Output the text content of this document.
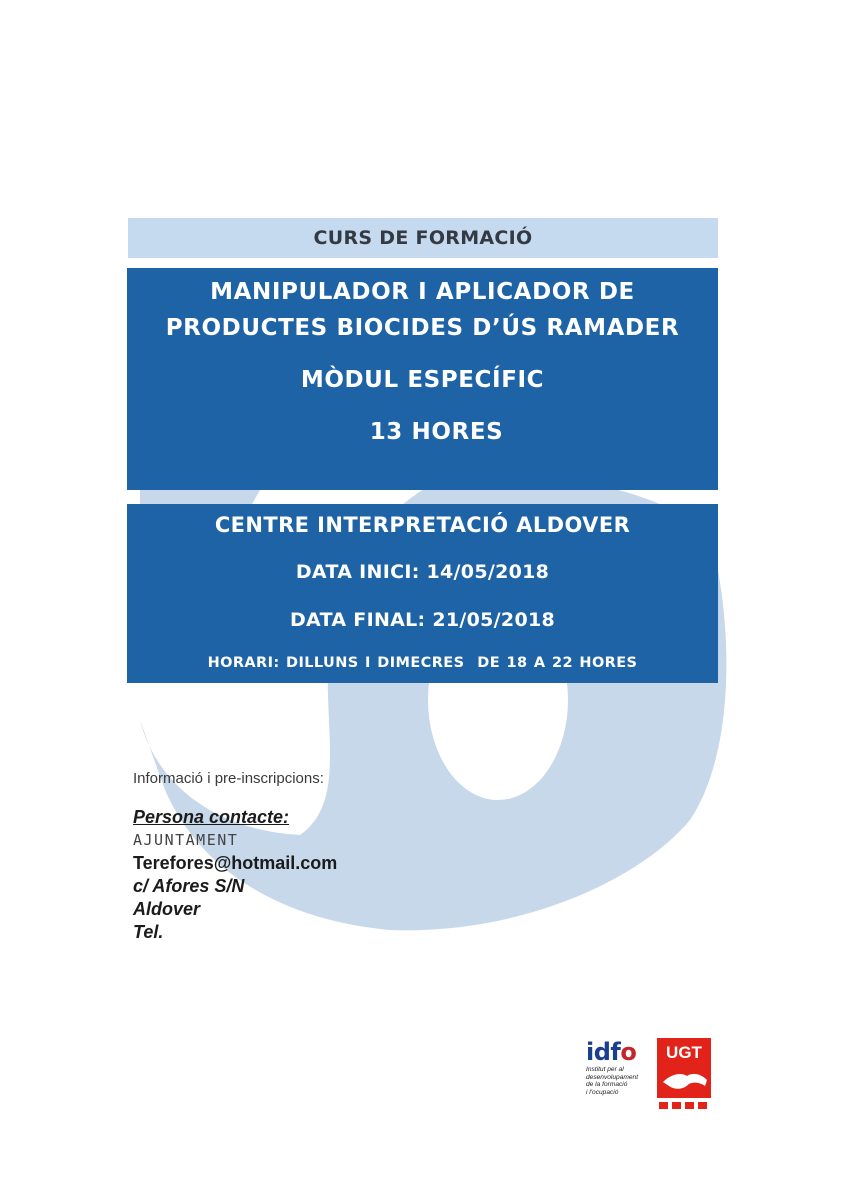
CURS DE FORMACIÓ
MANIPULADOR I APLICADOR DE
PRODUCTES BIOCIDES D’ÚS RAMADER
MÒDUL ESPECÍFIC
13 HORES
CENTRE INTERPRETACIÓ ALDOVER
DATA INICI: 14/05/2018
DATA FINAL: 21/05/2018
HORARI: DILLUNS I DIMECRES  DE 18 A 22 HORES
Informació i pre-inscripcions:
Persona contacte:
AJUNTAMENT
Terefores@hotmail.com
c/ Afores S/N
Aldover
Tel.
idfo
Institut per al
desenvolupament
de la formació
i l'ocupació
UGT
